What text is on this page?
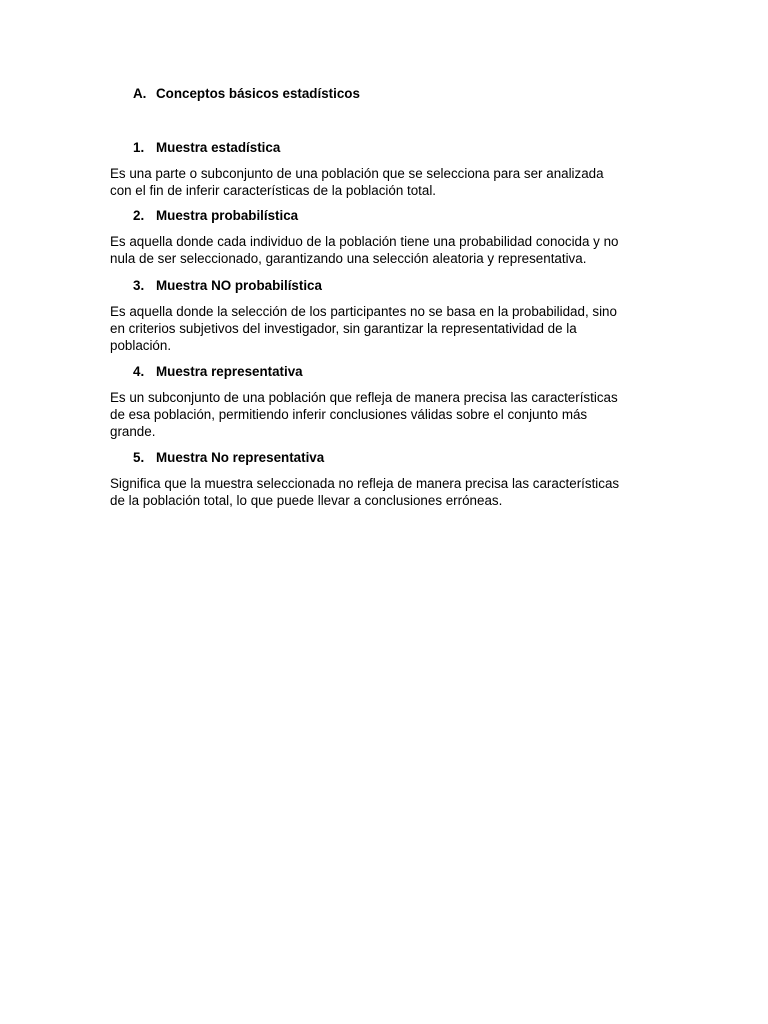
A. Conceptos básicos estadísticos
1. Muestra estadística

Es una parte o subconjunto de una población que se selecciona para ser analizada
con el fin de inferir características de la población total.

2. Muestra probabilística

Es aquella donde cada individuo de la población tiene una probabilidad conocida y no
nula de ser seleccionado, garantizando una selección aleatoria y representativa.

3. Muestra NO probabilística

Es aquella donde la selección de los participantes no se basa en la probabilidad, sino
en criterios subjetivos del investigador, sin garantizar la representatividad de la
población.

4. Muestra representativa

Es un subconjunto de una población que refleja de manera precisa las características
de esa población, permitiendo inferir conclusiones válidas sobre el conjunto más
grande.

5. Muestra No representativa

Significa que la muestra seleccionada no refleja de manera precisa las características
de la población total, lo que puede llevar a conclusiones erróneas.
